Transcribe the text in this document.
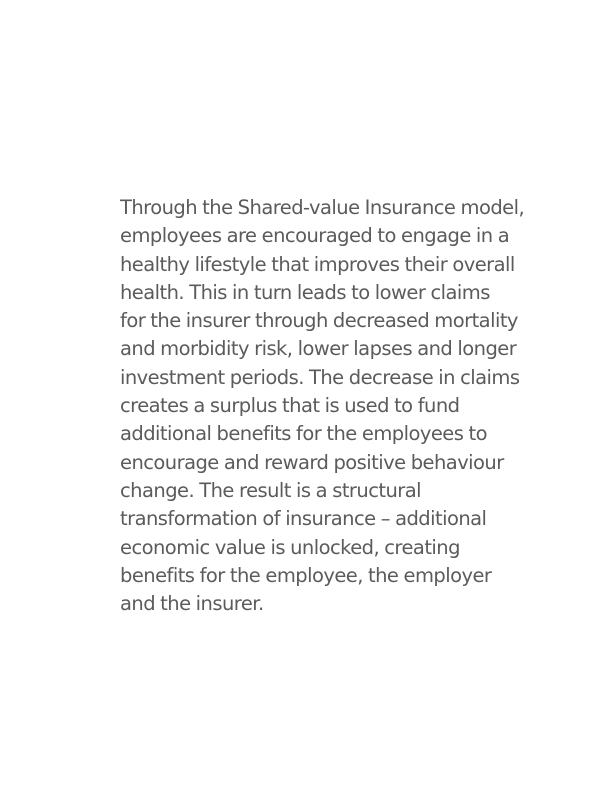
Through the Shared-value Insurance model,
employees are encouraged to engage in a
healthy lifestyle that improves their overall
health. This in turn leads to lower claims
for the insurer through decreased mortality
and morbidity risk, lower lapses and longer
investment periods. The decrease in claims
creates a surplus that is used to fund
additional benefits for the employees to
encourage and reward positive behaviour
change. The result is a structural
transformation of insurance – additional
economic value is unlocked, creating
benefits for the employee, the employer
and the insurer.
